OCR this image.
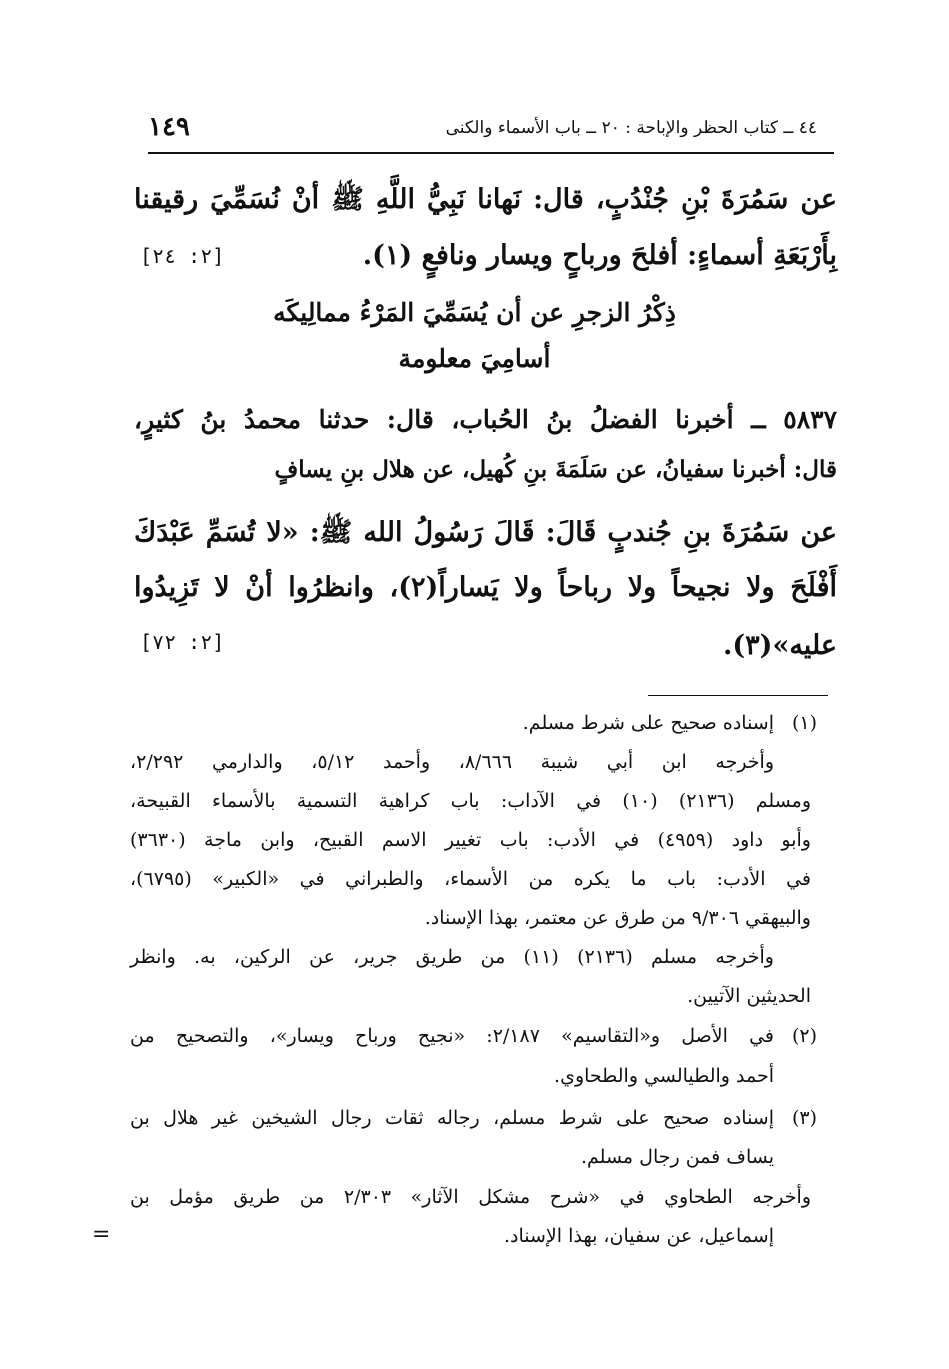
١٤٩	٤٤ ــ كتاب الحظر والإباحة : ٢٠ ــ باب الأسماء والكنى
عن سَمُرَةَ بْنِ جُنْدُبٍ، قال: نَهانا نَبِيُّ اللَّهِ ﷺ أنْ نُسَمِّيَ رقيقنا
بِأَرْبَعَةِ أسماءٍ: أفلحَ ورباحٍ ويسار ونافعٍ (١).
[٢: ٢٤]
ذِكْرُ الزجرِ عن أن يُسَمِّيَ المَرْءُ ممالِيكَه
أسامِيَ معلومة
٥٨٣٧ ــ أخبرنا الفضلُ بنُ الحُباب، قال: حدثنا محمدُ بنُ كثيرٍ،
قال: أخبرنا سفيانُ، عن سَلَمَةَ بنِ كُهيل، عن هلال بنِ يسافٍ
عن سَمُرَةَ بنِ جُندبٍ قَالَ: قَالَ رَسُولُ الله ﷺ: «لا تُسَمِّ عَبْدَكَ
أَفْلَحَ ولا نجيحاً ولا رباحاً ولا يَساراً(٢)، وانظرُوا أنْ لا تَزِيدُوا
عليه»(٣).
[٢: ٧٢]
(١)
إسناده صحيح على شرط مسلم.
وأخرجه ابن أبي شيبة ٨/٦٦٦، وأحمد ٥/١٢، والدارمي ٢/٢٩٢،
ومسلم (٢١٣٦) (١٠) في الآداب: باب كراهية التسمية بالأسماء القبيحة،
وأبو داود (٤٩٥٩) في الأدب: باب تغيير الاسم القبيح، وابن ماجة (٣٦٣٠)
في الأدب: باب ما يكره من الأسماء، والطبراني في «الكبير» (٦٧٩٥)،
والبيهقي ٩/٣٠٦ من طرق عن معتمر، بهذا الإسناد.
وأخرجه مسلم (٢١٣٦) (١١) من طريق جرير، عن الركين، به. وانظر
الحديثين الآتيين.
(٢)
في الأصل و«التقاسيم» ٢/١٨٧: «نجيح ورباح ويسار»، والتصحيح من
أحمد والطيالسي والطحاوي.
(٣)
إسناده صحيح على شرط مسلم، رجاله ثقات رجال الشيخين غير هلال بن
يساف فمن رجال مسلم.
وأخرجه الطحاوي في «شرح مشكل الآثار» ٢/٣٠٣ من طريق مؤمل بن
إسماعيل، عن سفيان، بهذا الإسناد.
=
